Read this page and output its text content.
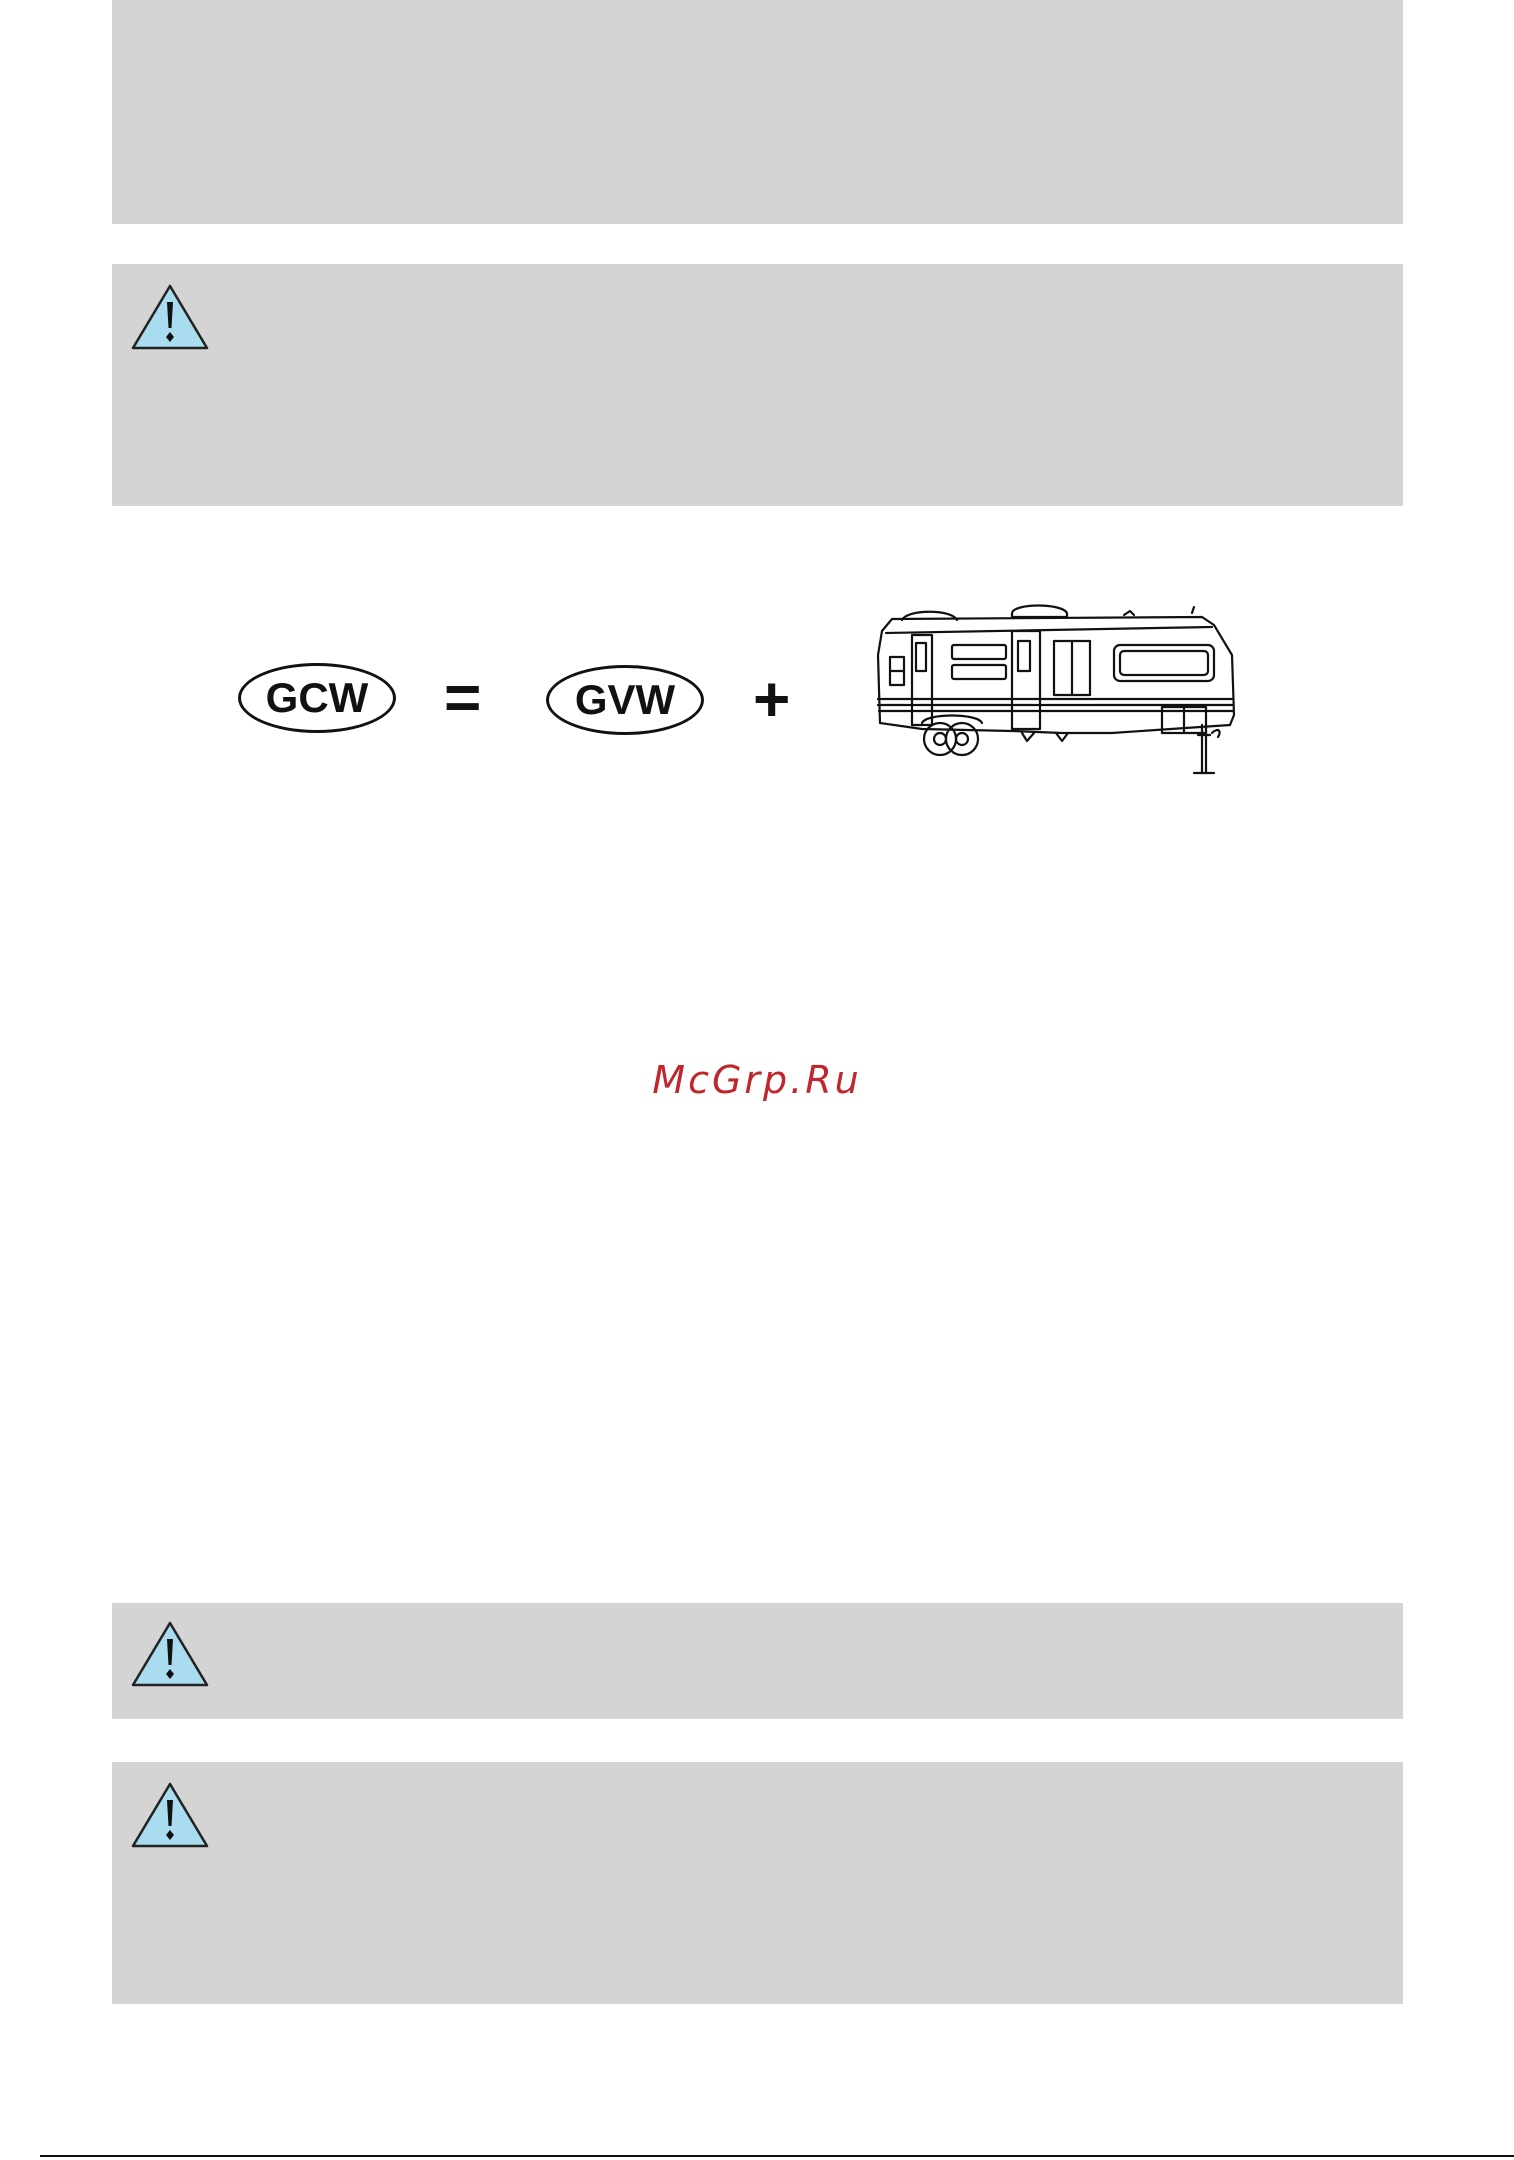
GCW	=	GVW	+
McGrp.Ru
